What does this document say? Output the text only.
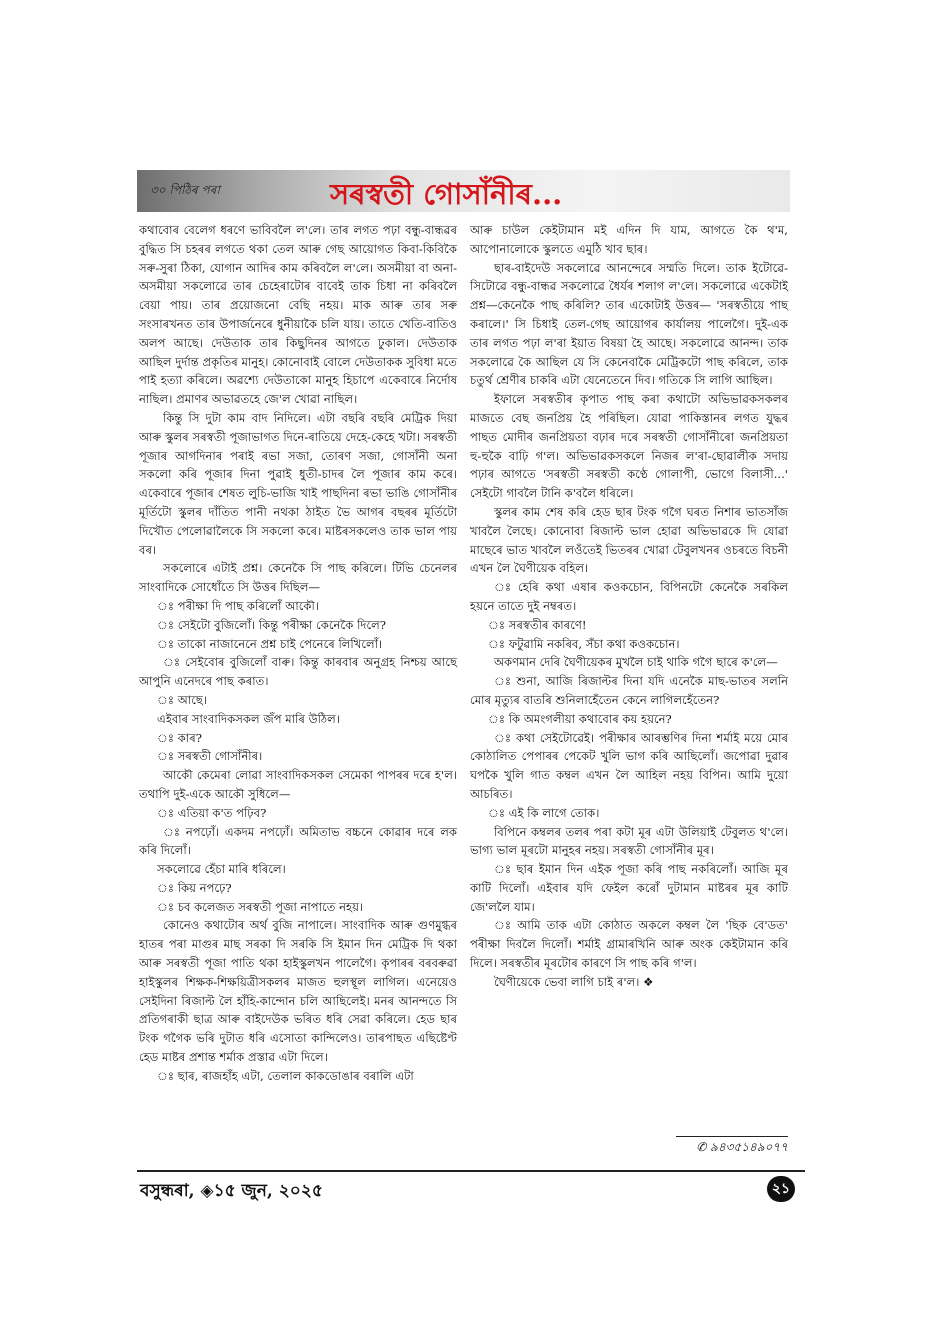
৩০ পিঠিৰ পৰা	সৰস্বতী গোসাঁনীৰ...

কথাবোৰ বেলেগ ধৰণে ভাবিবলৈ ল'লে। তাৰ লগত পঢ়া বন্ধু-বান্ধৱৰ বুদ্ধিত সি চহৰৰ লগতে থকা তেল আৰু গেছ আয়োগত কিবা-কিবিকৈ সৰু-সুৰা ঠিকা, যোগান আদিৰ কাম কৰিবলৈ ল'লে। অসমীয়া বা অনা-অসমীয়া সকলোৱে তাৰ চেহেৰাটোৰ বাবেই তাক চিধা না কৰিবলৈ বেয়া পায়। তাৰ প্ৰয়োজনো বেছি নহয়। মাক আৰু তাৰ সৰু সংসাৰখনত তাৰ উপাৰ্জনেৰে ধুনীয়াকৈ চলি যায়। তাতে খেতি-বাতিও অলপ আছে। দেউতাক তাৰ কিছুদিনৰ আগতে ঢুকাল। দেউতাক আছিল দুৰ্দান্ত প্ৰকৃতিৰ মানুহ। কোনোবাই বোলে দেউতাকক সুবিধা মতে পাই হত্যা কৰিলে। অৱশ্যে দেউতাকো মানুহ হিচাপে একেবাৰে নিৰ্দোষ নাছিল। প্ৰমাণৰ অভাৱতহে জে'ল খোৱা নাছিল।

কিন্তু সি দুটা কাম বাদ নিদিলে। এটা বছৰি বছৰি মেট্ৰিক দিয়া আৰু স্কুলৰ সৰস্বতী পূজাভাগত দিনে-ৰাতিয়ে দেহে-কেহে খটা। সৰস্বতী পূজাৰ আগদিনাৰ পৰাই ৰভা সজা, তোৰণ সজা, গোসাঁনী অনা সকলো কৰি পূজাৰ দিনা পুৱাই ধুতী-চাদৰ লৈ পূজাৰ কাম কৰে। একেবাৰে পূজাৰ শেষত লুচি-ভাজি খাই পাছদিনা ৰভা ভাঙি গোসাঁনীৰ মূৰ্তিটো স্কুলৰ দাঁতিত পানী নথকা ঠাইত ভৈ আগৰ বছৰৰ মূৰ্তিটো দিখৌত পেলোৱালৈকে সি সকলো কৰে। মাষ্টৰসকলেও তাক ভাল পায় বৰ।

সকলোৰে এটাই প্ৰশ্ন। কেনেকৈ সি পাছ কৰিলে। টিভি চেনেলৰ সাংবাদিকে সোধোঁতে সি উত্তৰ দিছিল—

ঃ পৰীক্ষা দি পাছ কৰিলোঁ আকৌ।

ঃ সেইটো বুজিলোঁ। কিন্তু পৰীক্ষা কেনেকৈ দিলে?

ঃ তাকো নাজানেনে প্ৰশ্ন চাই পেনেৰে লিখিলোঁ।

ঃ সেইবোৰ বুজিলোঁ বাৰু। কিন্তু কাৰবাৰ অনুগ্ৰহ নিশ্চয় আছে আপুনি এনেদৰে পাছ কৰাত।

ঃ আছে।

এইবাৰ সাংবাদিকসকল জঁপ মাৰি উঠিল।

ঃ কাৰ?

ঃ সৰস্বতী গোসাঁনীৰ।

আকৌ কেমেৰা লোৱা সাংবাদিকসকল সেমেকা পাপৰৰ দৰে হ'ল। তথাপি দুই-একে আকৌ সুধিলে—

ঃ এতিয়া ক'ত পঢ়িব?

ঃ নপঢ়োঁ। একদম নপঢ়োঁ। অমিতাভ বচ্চনে কোৱাৰ দৰে লক কৰি দিলোঁ।

সকলোৱে হেঁচা মাৰি ধৰিলে।

ঃ কিয় নপঢ়ে?

ঃ চব কলেজত সৰস্বতী পূজা নাপাতে নহয়।

কোনেও কথাটোৰ অৰ্থ বুজি নাপালে। সাংবাদিক আৰু গুণমুগ্ধৰ হাতৰ পৰা মাগুৰ মাছ সৰকা দি সৰকি সি ইমান দিন মেট্ৰিক দি থকা আৰু সৰস্বতী পূজা পাতি থকা হাইস্কুলখন পালেগৈ। কৃপাৰৰ বৰবৰুৱা হাইস্কুলৰ শিক্ষক-শিক্ষয়িত্ৰীসকলৰ মাজত হুলস্থূল লাগিল। এনেয়েও সেইদিনা ৰিজাল্ট লৈ হাঁহি-কান্দোন চলি আছিলেই। মনৰ আনন্দতে সি প্ৰতিগৰাকী ছাত্ৰ আৰু বাইদেউক ভৰিত ধৰি সেৱা কৰিলে। হেড ছাৰ টংক গগৈক ভৰি দুটাত ধৰি এসোতা কান্দিলেও। তাৰপাছত এছিষ্টেণ্ট হেড মাষ্টৰ প্ৰশান্ত শৰ্মাক প্ৰস্তাৱ এটা দিলে।

ঃ ছাৰ, ৰাজহাঁহ এটা, তেলাল কাকডোঙাৰ বৰালি এটা

আৰু চাউল কেইটামান মই এদিন দি যাম, আগতে কৈ থ'ম, আপোনালোকে স্কুলতে এমুঠি খাব ছাৰ।

ছাৰ-বাইদেউ সকলোৱে আনন্দেৰে সম্মতি দিলে। তাক ইটোৱে-সিটোৱে বন্ধু-বান্ধৱ সকলোৱে ধৈৰ্যৰ শলাগ ল'লে। সকলোৱে একেটাই প্ৰশ্ন—কেনেকৈ পাছ কৰিলি? তাৰ একোটাই উত্তৰ— 'সৰস্বতীয়ে পাছ কৰালে।' সি চিধাই তেল-গেছ আয়োগৰ কাৰ্যালয় পালেগৈ। দুই-এক তাৰ লগত পঢ়া ল'ৰা ইয়াত বিষয়া হৈ আছে। সকলোৱে আনন্দ। তাক সকলোৱে কৈ আছিল যে সি কেনেবাকৈ মেট্ৰিকটো পাছ কৰিলে, তাক চতুৰ্থ শ্ৰেণীৰ চাকৰি এটা যেনেতেনে দিব। গতিকে সি লাগি আছিল।

ইফালে সৰস্বতীৰ কৃপাত পাছ কৰা কথাটো অভিভাৱকসকলৰ মাজতে বেছ জনপ্ৰিয় হৈ পৰিছিল। যোৱা পাকিস্তানৰ লগত যুদ্ধৰ পাছত মোদীৰ জনপ্ৰিয়তা বঢ়াৰ দৰে সৰস্বতী গোসাঁনীৰো জনপ্ৰিয়তা হু-হুকৈ বাঢ়ি গ'ল। অভিভাৱকসকলে নিজৰ ল'ৰা-ছোৱালীক সদায় পঢ়াৰ আগতে 'সৰস্বতী সৰস্বতী কণ্ঠে গোলাপী, ভোগে বিলাসী...' সেইটো গাবলৈ টানি ক'বলৈ ধৰিলে।

স্কুলৰ কাম শেষ কৰি হেড ছাৰ টংক গগৈ ঘৰত নিশাৰ ভাতসাঁজ খাবলৈ লৈছে। কোনোবা ৰিজাল্ট ভাল হোৱা অভিভাৱকে দি যোৱা মাছেৰে ভাত খাবলৈ লওঁতেই ভিতৰৰ খোৱা টেবুলখনৰ ওচৰতে বিচনী এখন লৈ ঘৈণীয়েক বহিল।

ঃ হেৰি কথা এষাৰ কওকচোন, বিপিনটো কেনেকৈ সৰকিল হয়নে তাতে দুই নম্বৰত।

ঃ সৰস্বতীৰ কাৰণে!

ঃ ফটুৱামি নকৰিব, সঁচা কথা কওকচোন।

অকণমান দেৰি ঘৈণীয়েকৰ মুখলৈ চাই থাকি গগৈ ছাৰে ক'লে—

ঃ শুনা, আজি ৰিজাল্টৰ দিনা যদি এনেকৈ মাছ-ভাতৰ সলনি মোৰ মৃত্যুৰ বাতৰি শুনিলাহেঁতেন কেনে লাগিলহেঁতেন?

ঃ কি অমংগলীয়া কথাবোৰ কয় হয়নে?

ঃ কথা সেইটোৱেই। পৰীক্ষাৰ আৰম্ভণিৰ দিনা শৰ্মাই ময়ে মোৰ কোঠালিত পেপাৰৰ পেকেট খুলি ভাগ কৰি আছিলোঁ। জপোৱা দুৱাৰ ঘপকৈ খুলি গাত কম্বল এখন লৈ আহিল নহয় বিপিন। আমি দুয়ো আচৰিত।

ঃ এই কি লাগে তোক।

বিপিনে কম্বলৰ তলৰ পৰা কটা মূৰ এটা উলিয়াই টেবুলত থ'লে। ভাগ্য ভাল মূৰটো মানুহৰ নহয়। সৰস্বতী গোসাঁনীৰ মূৰ।

ঃ ছাৰ ইমান দিন এইক পূজা কৰি পাছ নকৰিলোঁ। আজি মূৰ কাটি দিলোঁ। এইবাৰ যদি ফেইল কৰোঁ দুটামান মাষ্টৰৰ মূৰ কাটি জে'ললৈ যাম।

ঃ আমি তাক এটা কোঠাত অকলে কম্বল লৈ 'ছিক বে'ডত' পৰীক্ষা দিবলৈ দিলোঁ। শৰ্মাই গ্ৰামাৰখিনি আৰু অংক কেইটামান কৰি দিলে। সৰস্বতীৰ মূৰটোৰ কাৰণে সি পাছ কৰি গ'ল।

ঘৈণীয়েকে ভেবা লাগি চাই ৰ'ল। ❖

✆ ৯৪৩৫১৪৯০৭৭
বসুন্ধৰা, ◈১৫ জুন, ২০২৫	২১
